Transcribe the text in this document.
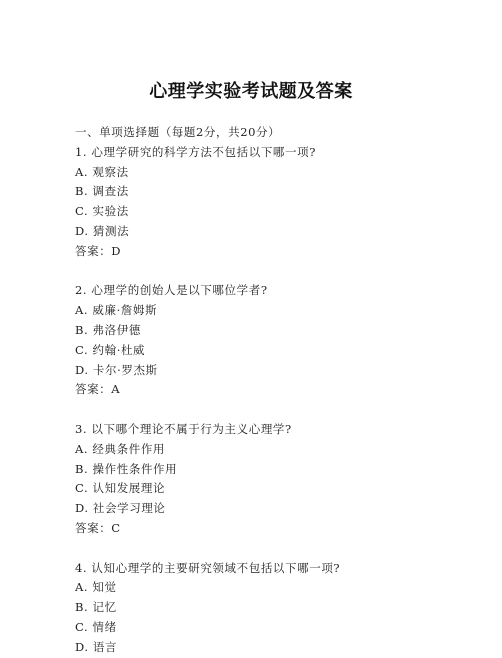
心理学实验考试题及答案
一、单项选择题（每题2分，共20分）
1. 心理学研究的科学方法不包括以下哪一项?
A. 观察法
B. 调查法
C. 实验法
D. 猜测法
答案：D
2. 心理学的创始人是以下哪位学者?
A. 威廉·詹姆斯
B. 弗洛伊德
C. 约翰·杜威
D. 卡尔·罗杰斯
答案：A
3. 以下哪个理论不属于行为主义心理学?
A. 经典条件作用
B. 操作性条件作用
C. 认知发展理论
D. 社会学习理论
答案：C
4. 认知心理学的主要研究领域不包括以下哪一项?
A. 知觉
B. 记忆
C. 情绪
D. 语言
